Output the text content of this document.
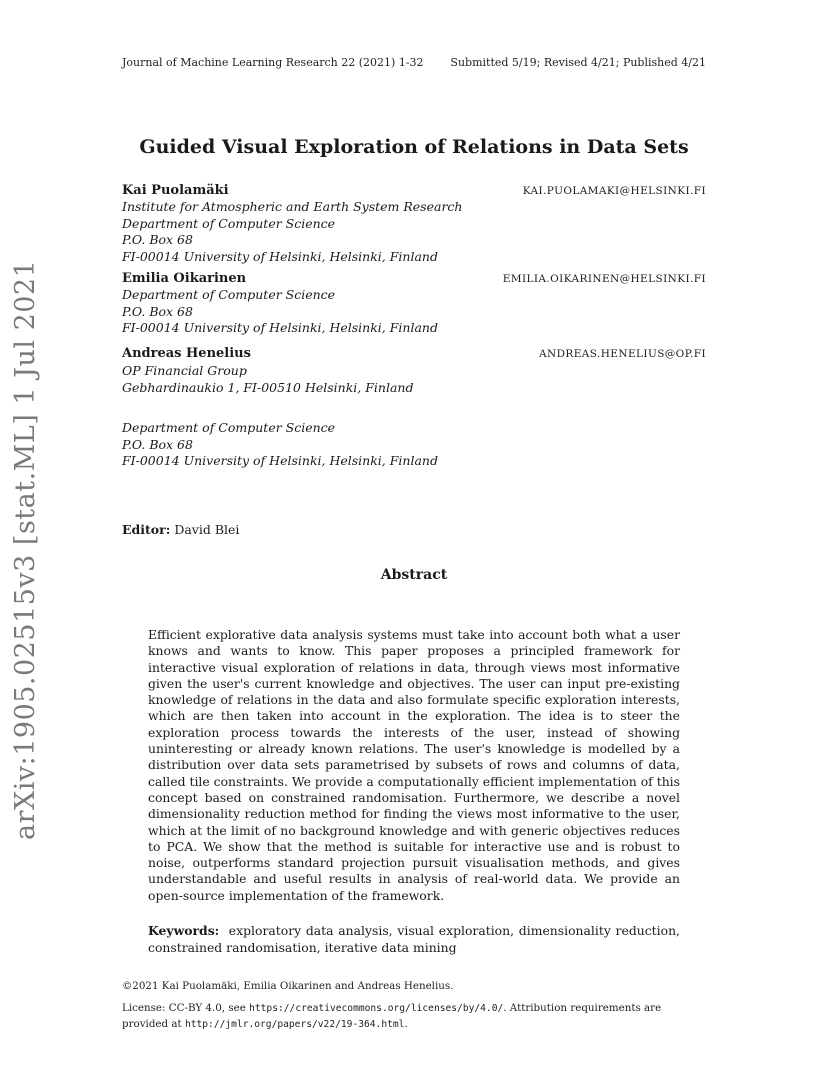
Journal of Machine Learning Research 22 (2021) 1-32 Submitted 5/19; Revised 4/21; Published 4/21
Guided Visual Exploration of Relations in Data Sets
Kai Puolamäki	KAI.PUOLAMAKI@HELSINKI.FI
Institute for Atmospheric and Earth System Research
Department of Computer Science
P.O. Box 68
FI-00014 University of Helsinki, Helsinki, Finland
Emilia Oikarinen	EMILIA.OIKARINEN@HELSINKI.FI
Department of Computer Science
P.O. Box 68
FI-00014 University of Helsinki, Helsinki, Finland
Andreas Henelius	ANDREAS.HENELIUS@OP.FI
OP Financial Group
Gebhardinaukio 1, FI-00510 Helsinki, Finland
Department of Computer Science
P.O. Box 68
FI-00014 University of Helsinki, Helsinki, Finland
Editor: David Blei
Abstract
Efficient explorative data analysis systems must take into account both what a user knows and wants to know. This paper proposes a principled framework for interactive visual exploration of relations in data, through views most informative given the user's current knowledge and objectives. The user can input pre-existing knowledge of relations in the data and also formulate specific exploration interests, which are then taken into account in the exploration. The idea is to steer the exploration process towards the interests of the user, instead of showing uninteresting or already known relations. The user's knowledge is modelled by a distribution over data sets parametrised by subsets of rows and columns of data, called tile constraints. We provide a computationally efficient implementation of this concept based on constrained randomisation. Furthermore, we describe a novel dimensionality reduction method for finding the views most informative to the user, which at the limit of no background knowledge and with generic objectives reduces to PCA. We show that the method is suitable for interactive use and is robust to noise, outperforms standard projection pursuit visualisation methods, and gives understandable and useful results in analysis of real-world data. We provide an open-source implementation of the framework.
Keywords: exploratory data analysis, visual exploration, dimensionality reduction, constrained randomisation, iterative data mining
©2021 Kai Puolamäki, Emilia Oikarinen and Andreas Henelius.
License: CC-BY 4.0, see https://creativecommons.org/licenses/by/4.0/. Attribution requirements are provided at http://jmlr.org/papers/v22/19-364.html.
arXiv:1905.02515v3 [stat.ML] 1 Jul 2021
